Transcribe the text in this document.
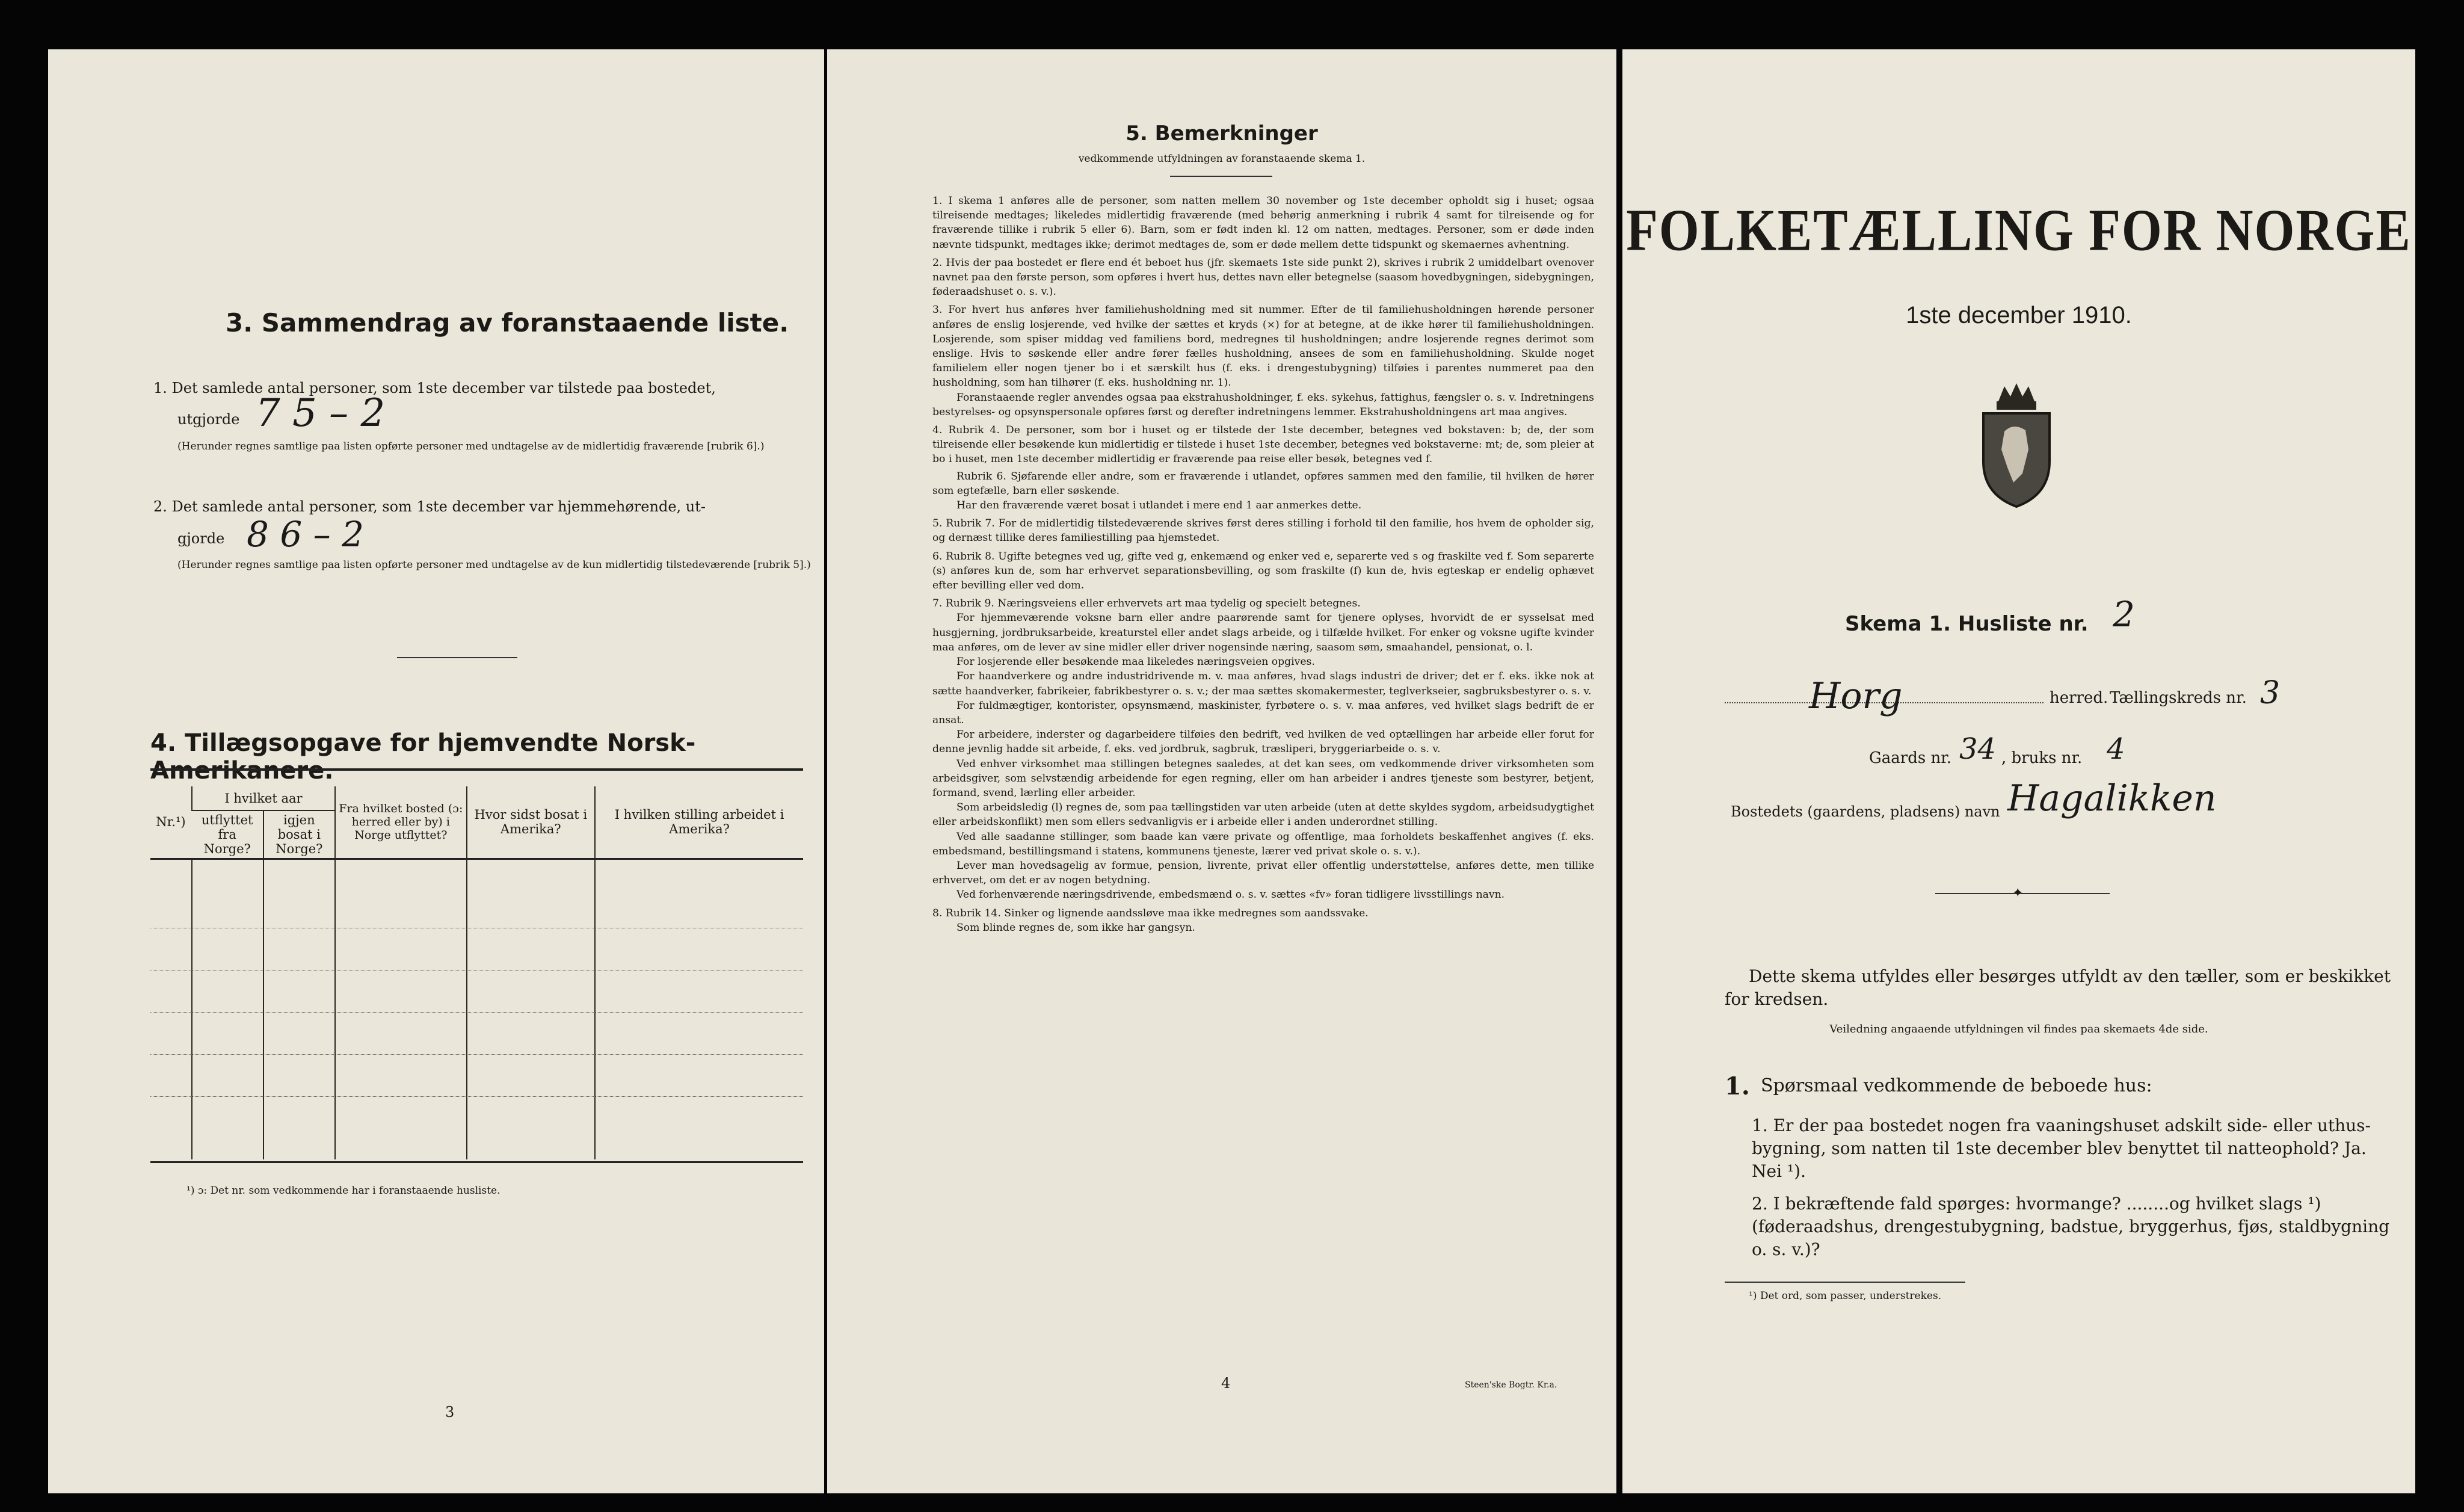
3. Sammendrag av foranstaaende liste.
1. Det samlede antal personer, som 1ste december var tilstede paa bostedet,
utgjorde 7 5 – 2
(Herunder regnes samtlige paa listen opførte personer med undtagelse av de midlertidig fraværende [rubrik 6].)
2. Det samlede antal personer, som 1ste december var hjemmehørende, ut-
gjorde 8 6 – 2
(Herunder regnes samtlige paa listen opførte personer med undtagelse av de kun midlertidig tilstedeværende [rubrik 5].)
4. Tillægsopgave for hjemvendte Norsk-Amerikanere.
Nr.¹)	I hvilket aar		Fra hvilket bosted (ɔ: herred eller by) i Norge utflyttet?	Hvor sidst bosat i Amerika?	I hvilken stilling arbeidet i Amerika?
	utflyttet fra Norge?	igjen bosat i Norge?			

¹) ɔ: Det nr. som vedkommende har i foranstaaende husliste.
3
5. Bemerkninger
vedkommende utfyldningen av foranstaaende skema 1.
1. I skema 1 anføres alle de personer, som natten mellem 30 november og 1ste december opholdt sig i huset; ogsaa tilreisende medtages; likeledes midlertidig fraværende (med behørig anmerkning i rubrik 4 samt for tilreisende og for fraværende tillike i rubrik 5 eller 6). Barn, som er født inden kl. 12 om natten, medtages. Personer, som er døde inden nævnte tidspunkt, medtages ikke; derimot medtages de, som er døde mellem dette tidspunkt og skemaernes avhentning.
2. Hvis der paa bostedet er flere end ét beboet hus (jfr. skemaets 1ste side punkt 2), skrives i rubrik 2 umiddelbart ovenover navnet paa den første person, som opføres i hvert hus, dettes navn eller betegnelse (saasom hovedbygningen, sidebygningen, føderaadshuset o. s. v.).
3. For hvert hus anføres hver familiehusholdning med sit nummer. Efter de til familiehusholdningen hørende personer anføres de enslig losjerende, ved hvilke der sættes et kryds (×) for at betegne, at de ikke hører til familiehusholdningen. Losjerende, som spiser middag ved familiens bord, medregnes til husholdningen; andre losjerende regnes derimot som enslige. Hvis to søskende eller andre fører fælles husholdning, ansees de som en familiehusholdning. Skulde noget familielem eller nogen tjener bo i et særskilt hus (f. eks. i drengestubygning) tilføies i parentes nummeret paa den husholdning, som han tilhører (f. eks. husholdning nr. 1).
Foranstaaende regler anvendes ogsaa paa ekstrahusholdninger, f. eks. sykehus, fattighus, fængsler o. s. v. Indretningens bestyrelses- og opsynspersonale opføres først og derefter indretningens lemmer. Ekstrahusholdningens art maa angives.
4. Rubrik 4. De personer, som bor i huset og er tilstede der 1ste december, betegnes ved bokstaven: b; de, der som tilreisende eller besøkende kun midlertidig er tilstede i huset 1ste december, betegnes ved bokstaverne: mt; de, som pleier at bo i huset, men 1ste december midlertidig er fraværende paa reise eller besøk, betegnes ved f.
Rubrik 6. Sjøfarende eller andre, som er fraværende i utlandet, opføres sammen med den familie, til hvilken de hører som egtefælle, barn eller søskende.
Har den fraværende været bosat i utlandet i mere end 1 aar anmerkes dette.
5. Rubrik 7. For de midlertidig tilstedeværende skrives først deres stilling i forhold til den familie, hos hvem de opholder sig, og dernæst tillike deres familiestilling paa hjemstedet.
6. Rubrik 8. Ugifte betegnes ved ug, gifte ved g, enkemænd og enker ved e, separerte ved s og fraskilte ved f. Som separerte (s) anføres kun de, som har erhvervet separationsbevilling, og som fraskilte (f) kun de, hvis egteskap er endelig ophævet efter bevilling eller ved dom.
7. Rubrik 9. Næringsveiens eller erhvervets art maa tydelig og specielt betegnes.
For hjemmeværende voksne barn eller andre paarørende samt for tjenere oplyses, hvorvidt de er sysselsat med husgjerning, jordbruksarbeide, kreaturstel eller andet slags arbeide, og i tilfælde hvilket. For enker og voksne ugifte kvinder maa anføres, om de lever av sine midler eller driver nogensinde næring, saasom søm, smaahandel, pensionat, o. l.
For losjerende eller besøkende maa likeledes næringsveien opgives.
For haandverkere og andre industridrivende m. v. maa anføres, hvad slags industri de driver; det er f. eks. ikke nok at sætte haandverker, fabrikeier, fabrikbestyrer o. s. v.; der maa sættes skomakermester, teglverkseier, sagbruksbestyrer o. s. v.
For fuldmægtiger, kontorister, opsynsmænd, maskinister, fyrbøtere o. s. v. maa anføres, ved hvilket slags bedrift de er ansat.
For arbeidere, inderster og dagarbeidere tilføies den bedrift, ved hvilken de ved optællingen har arbeide eller forut for denne jevnlig hadde sit arbeide, f. eks. ved jordbruk, sagbruk, træsliperi, bryggeriarbeide o. s. v.
Ved enhver virksomhet maa stillingen betegnes saaledes, at det kan sees, om vedkommende driver virksomheten som arbeidsgiver, som selvstændig arbeidende for egen regning, eller om han arbeider i andres tjeneste som bestyrer, betjent, formand, svend, lærling eller arbeider.
Som arbeidsledig (l) regnes de, som paa tællingstiden var uten arbeide (uten at dette skyldes sygdom, arbeidsudygtighet eller arbeidskonflikt) men som ellers sedvanligvis er i arbeide eller i anden underordnet stilling.
Ved alle saadanne stillinger, som baade kan være private og offentlige, maa forholdets beskaffenhet angives (f. eks. embedsmand, bestillingsmand i statens, kommunens tjeneste, lærer ved privat skole o. s. v.).
Lever man hovedsagelig av formue, pension, livrente, privat eller offentlig understøttelse, anføres dette, men tillike erhvervet, om det er av nogen betydning.
Ved forhenværende næringsdrivende, embedsmænd o. s. v. sættes «fv» foran tidligere livsstillings navn.
8. Rubrik 14. Sinker og lignende aandssløve maa ikke medregnes som aandssvake.
Som blinde regnes de, som ikke har gangsyn.
4	Steen'ske Bogtr. Kr.a.
FOLKETÆLLING FOR NORGE
1ste december 1910.
Skema 1. Husliste nr. 2
Horg	herred. Tællingskreds nr. 3
Gaards nr. 34 , bruks nr. 4
Bostedets (gaardens, pladsens) navn Hagalikken
✦
Dette skema utfyldes eller besørges utfyldt av den tæller, som er beskikket for kredsen.
Veiledning angaaende utfyldningen vil findes paa skemaets 4de side.
1. Spørsmaal vedkommende de beboede hus:
1. Er der paa bostedet nogen fra vaaningshuset adskilt side- eller uthus-bygning, som natten til 1ste december blev benyttet til natteophold? Ja. Nei ¹).
2. I bekræftende fald spørges: hvormange? ........og hvilket slags ¹) (føderaadshus, drengestubygning, badstue, bryggerhus, fjøs, staldbygning o. s. v.)?
¹) Det ord, som passer, understrekes.
